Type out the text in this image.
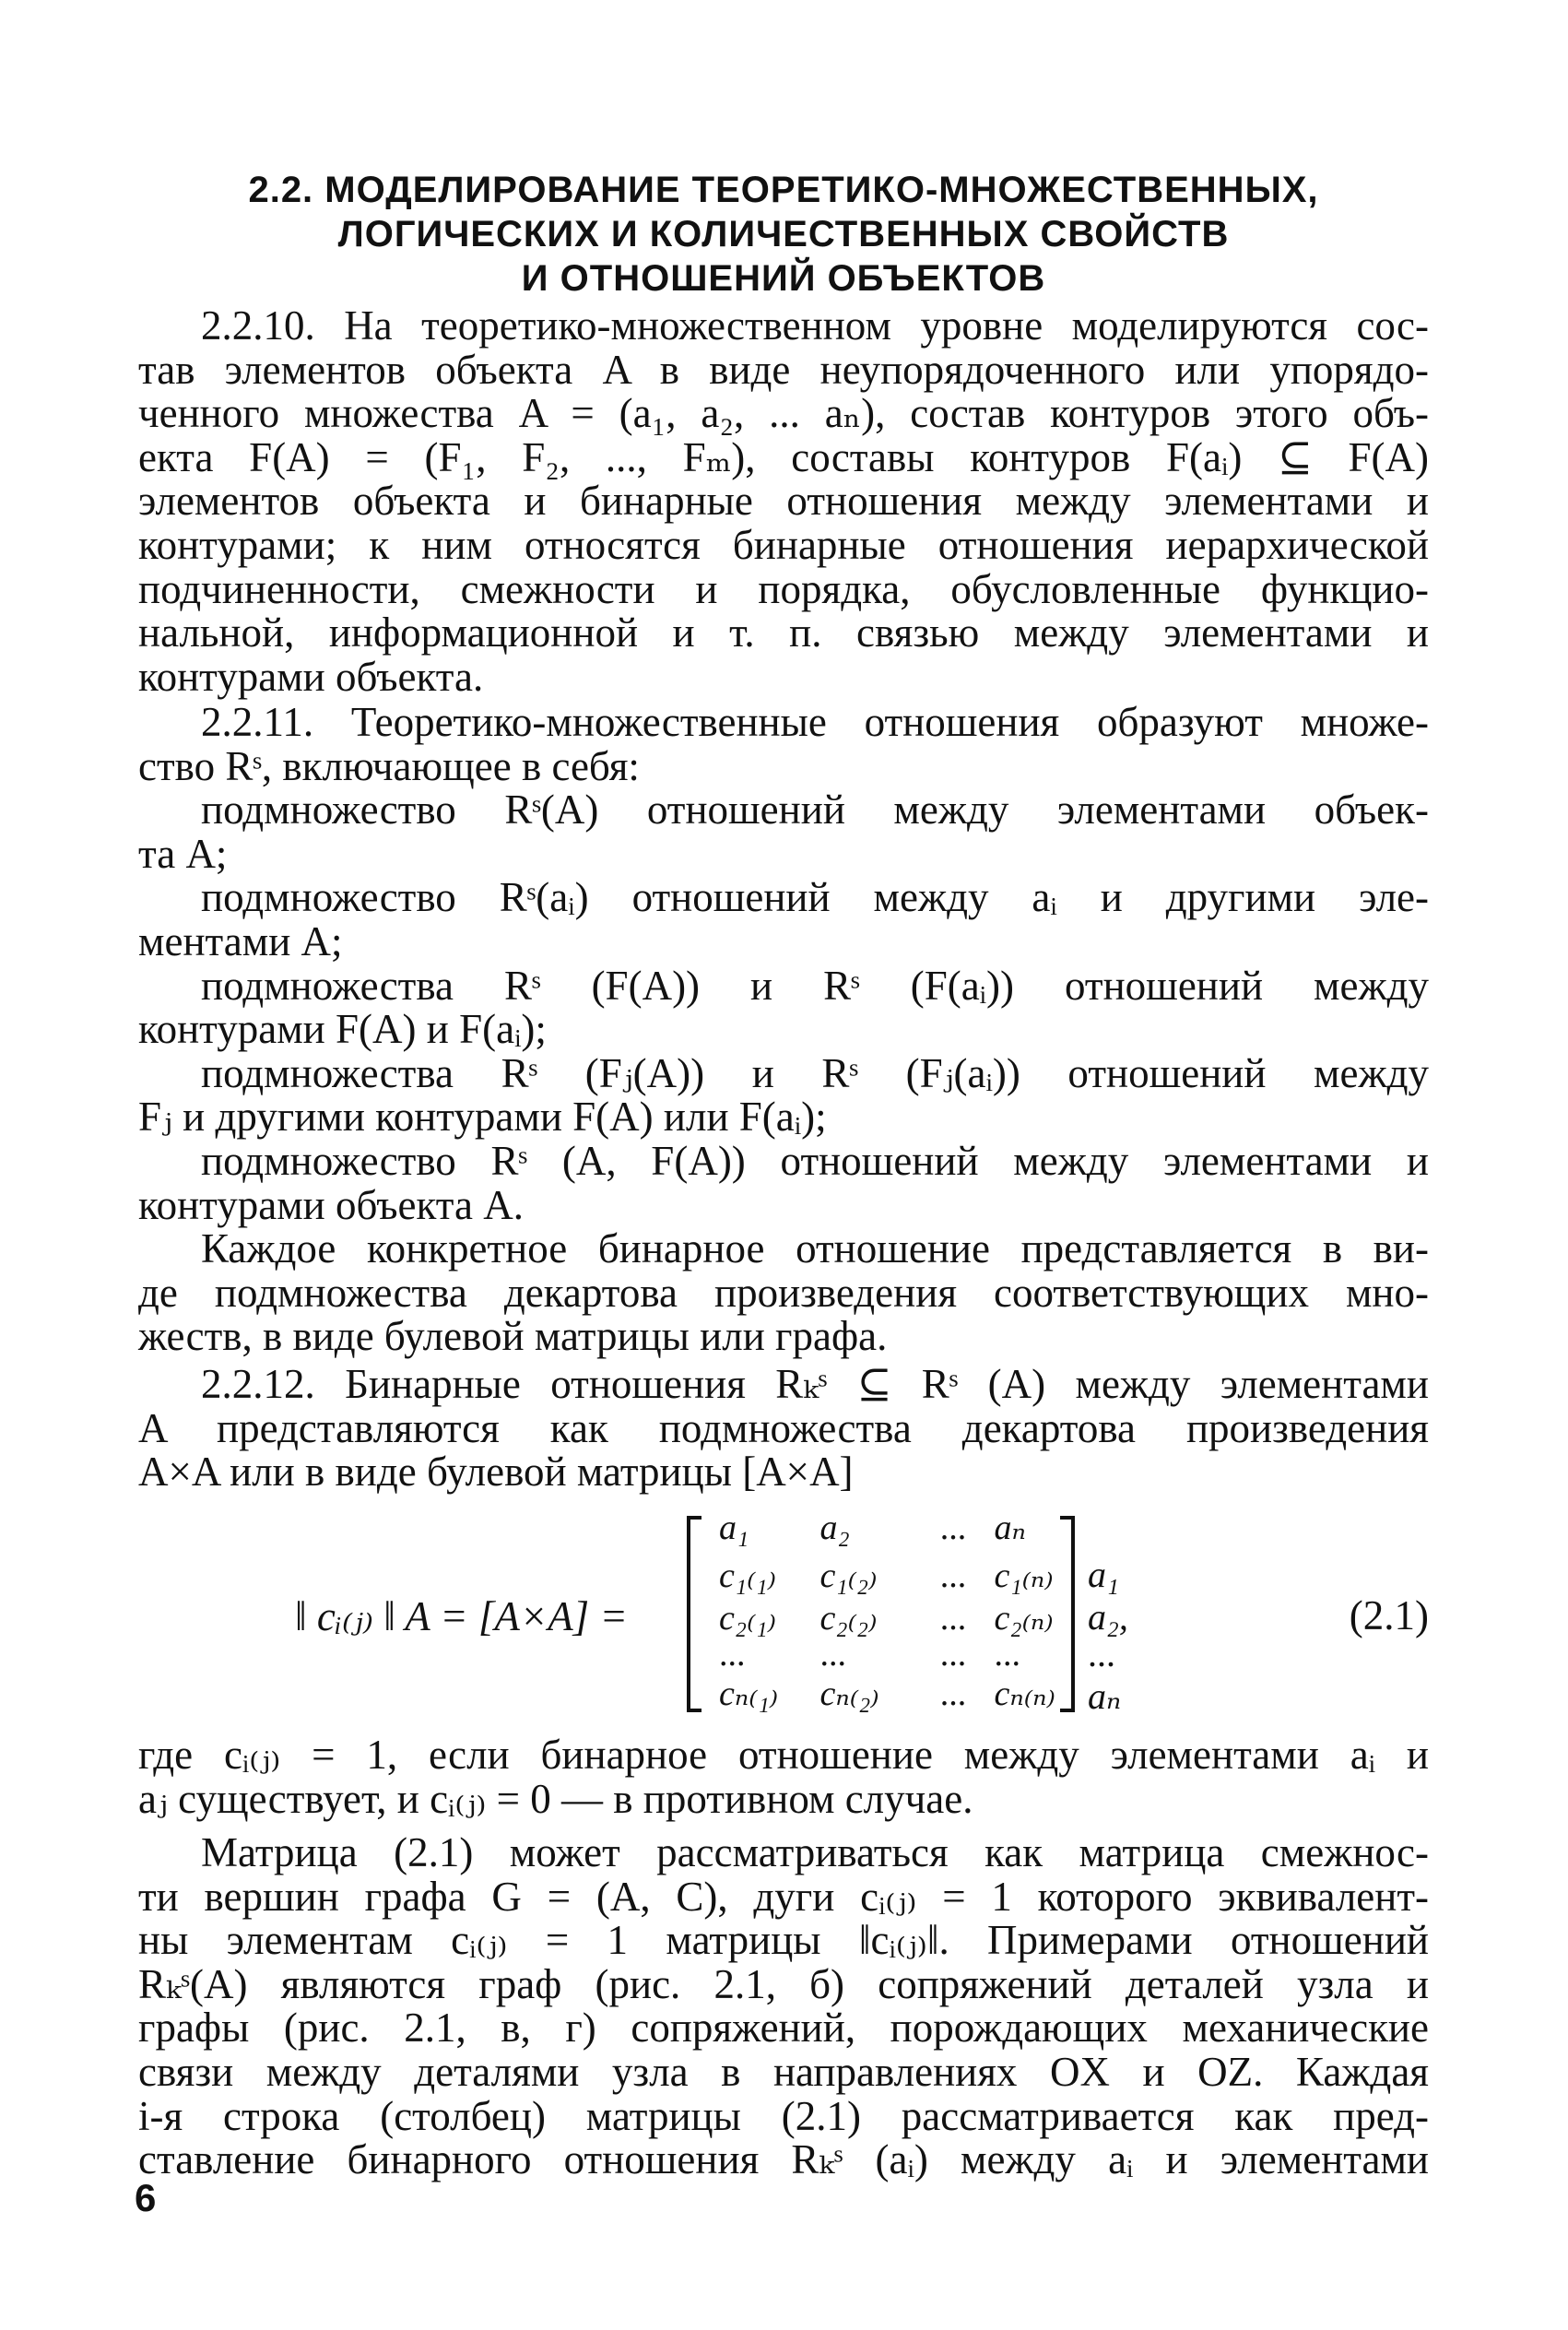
2.2. МОДЕЛИРОВАНИЕ ТЕОРЕТИКО-МНОЖЕСТВЕННЫХ,
ЛОГИЧЕСКИХ И КОЛИЧЕСТВЕННЫХ СВОЙСТВ
И ОТНОШЕНИЙ ОБЪЕКТОВ
2.2.10. На теоретико-множественном уровне моделируются сос-
тав элементов объекта A в виде неупорядоченного или упорядо-
ченного множества A = (a₁, a₂, ... aₙ), состав контуров этого объ-
екта F(A) = (F₁, F₂, ..., Fₘ), составы контуров F(aᵢ) ⊆ F(A)
элементов объекта и бинарные отношения между элементами и
контурами; к ним относятся бинарные отношения иерархической
подчиненности, смежности и порядка, обусловленные функцио-
нальной, информационной и т. п. связью между элементами и
контурами объекта.
2.2.11. Теоретико-множественные отношения образуют множе-
ство Rˢ, включающее в себя:
подмножество Rˢ(A) отношений между элементами объек-
та A;
подмножество Rˢ(aᵢ) отношений между aᵢ и другими эле-
ментами A;
подмножества Rˢ (F(A)) и Rˢ (F(aᵢ)) отношений между
контурами F(A) и F(aᵢ);
подмножества Rˢ (Fⱼ(A)) и Rˢ (Fⱼ(aᵢ)) отношений между
Fⱼ и другими контурами F(A) или F(aᵢ);
подмножество Rˢ (A, F(A)) отношений между элементами и
контурами объекта A.
Каждое конкретное бинарное отношение представляется в ви-
де подмножества декартова произведения соответствующих мно-
жеств, в виде булевой матрицы или графа.
2.2.12. Бинарные отношения Rₖˢ ⊆ Rˢ (A) между элементами
A представляются как подмножества декартова произведения
A×A или в виде булевой матрицы [A×A]
‖ cᵢ₍ⱼ₎ ‖ A = [A×A] =
a₁ a₂	... aₙ
c₁₍₁₎ c₁₍₂₎ ... c₁₍ₙ₎
c₂₍₁₎ c₂₍₂₎ ... c₂₍ₙ₎
... ...	... ...
cₙ₍₁₎ cₙ₍₂₎ ... cₙ₍ₙ₎
a₁
a₂,
...
aₙ
(2.1)
где cᵢ₍ⱼ₎ = 1, если бинарное отношение между элементами aᵢ и
aⱼ существует, и cᵢ₍ⱼ₎ = 0 — в противном случае.
Матрица (2.1) может рассматриваться как матрица смежнос-
ти вершин графа G = (A, C), дуги cᵢ₍ⱼ₎ = 1 которого эквивалент-
ны элементам cᵢ₍ⱼ₎ = 1 матрицы ‖cᵢ₍ⱼ₎‖. Примерами отношений
Rₖˢ(A) являются граф (рис. 2.1, б) сопряжений деталей узла и
графы (рис. 2.1, в, г) сопряжений, порождающих механические
связи между деталями узла в направлениях OX и OZ. Каждая
i-я строка (столбец) матрицы (2.1) рассматривается как пред-
ставление бинарного отношения Rₖˢ (aᵢ) между aᵢ и элементами
6
